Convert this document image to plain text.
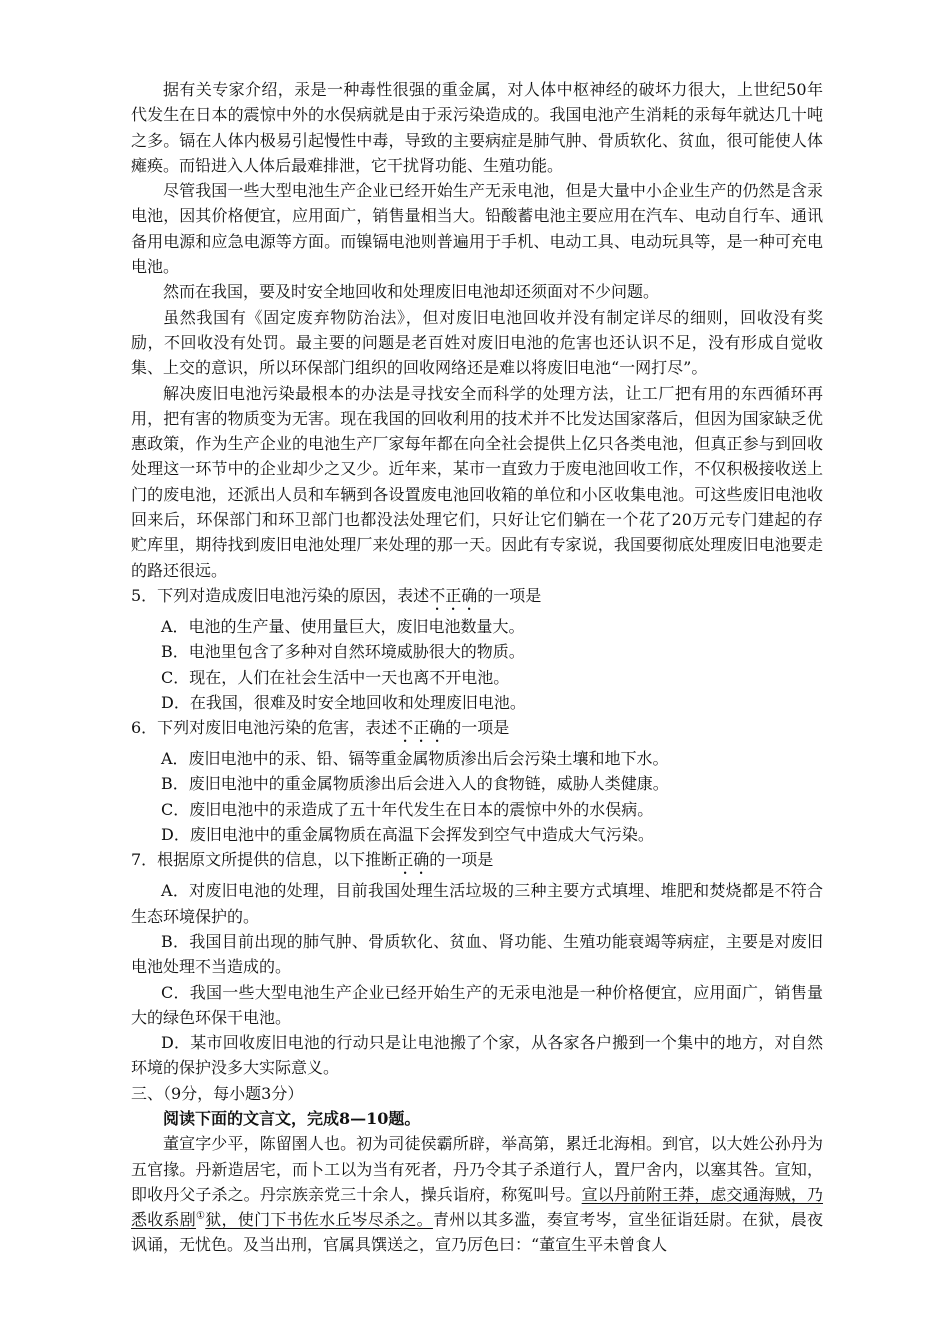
据有关专家介绍，汞是一种毒性很强的重金属，对人体中枢神经的破坏力很大，上世纪50年代发生在日本的震惊中外的水俣病就是由于汞污染造成的。我国电池产生消耗的汞每年就达几十吨之多。镉在人体内极易引起慢性中毒，导致的主要病症是肺气肿、骨质软化、贫血，很可能使人体瘫痪。而铅进入人体后最难排泄，它干扰肾功能、生殖功能。

尽管我国一些大型电池生产企业已经开始生产无汞电池，但是大量中小企业生产的仍然是含汞电池，因其价格便宜，应用面广，销售量相当大。铅酸蓄电池主要应用在汽车、电动自行车、通讯备用电源和应急电源等方面。而镍镉电池则普遍用于手机、电动工具、电动玩具等，是一种可充电电池。

然而在我国，要及时安全地回收和处理废旧电池却还须面对不少问题。

虽然我国有《固定废弃物防治法》，但对废旧电池回收并没有制定详尽的细则，回收没有奖励，不回收没有处罚。最主要的问题是老百姓对废旧电池的危害也还认识不足，没有形成自觉收集、上交的意识，所以环保部门组织的回收网络还是难以将废旧电池“一网打尽”。

解决废旧电池污染最根本的办法是寻找安全而科学的处理方法，让工厂把有用的东西循环再用，把有害的物质变为无害。现在我国的回收利用的技术并不比发达国家落后，但因为国家缺乏优惠政策，作为生产企业的电池生产厂家每年都在向全社会提供上亿只各类电池，但真正参与到回收处理这一环节中的企业却少之又少。近年来，某市一直致力于废电池回收工作，不仅积极接收送上门的废电池，还派出人员和车辆到各设置废电池回收箱的单位和小区收集电池。可这些废旧电池收回来后，环保部门和环卫部门也都没法处理它们，只好让它们躺在一个花了20万元专门建起的存贮库里，期待找到废旧电池处理厂来处理的那一天。因此有专家说，我国要彻底处理废旧电池要走的路还很远。

5．下列对造成废旧电池污染的原因，表述不正确的一项是

A．电池的生产量、使用量巨大，废旧电池数量大。

B．电池里包含了多种对自然环境威胁很大的物质。

C．现在，人们在社会生活中一天也离不开电池。

D．在我国，很难及时安全地回收和处理废旧电池。

6．下列对废旧电池污染的危害，表述不正确的一项是

A．废旧电池中的汞、铅、镉等重金属物质渗出后会污染土壤和地下水。

B．废旧电池中的重金属物质渗出后会进入人的食物链，威胁人类健康。

C．废旧电池中的汞造成了五十年代发生在日本的震惊中外的水俣病。

D．废旧电池中的重金属物质在高温下会挥发到空气中造成大气污染。

7．根据原文所提供的信息，以下推断正确的一项是

A．对废旧电池的处理，目前我国处理生活垃圾的三种主要方式填埋、堆肥和焚烧都是不符合生态环境保护的。

B．我国目前出现的肺气肿、骨质软化、贫血、肾功能、生殖功能衰竭等病症，主要是对废旧电池处理不当造成的。

C．我国一些大型电池生产企业已经开始生产的无汞电池是一种价格便宜，应用面广，销售量大的绿色环保干电池。

D．某市回收废旧电池的行动只是让电池搬了个家，从各家各户搬到一个集中的地方，对自然环境的保护没多大实际意义。

三、（9分，每小题3分）

阅读下面的文言文，完成8—10题。

董宣字少平，陈留圉人也。初为司徒侯霸所辟，举高第，累迁北海相。到官，以大姓公孙丹为五官掾。丹新造居宅，而卜工以为当有死者，丹乃令其子杀道行人，置尸舍内，以塞其咎。宣知，即收丹父子杀之。丹宗族亲党三十余人，操兵诣府，称冤叫号。宣以丹前附王莽，虑交通海贼，乃悉收系剧①狱，使门下书佐水丘岑尽杀之。青州以其多滥，奏宣考岑，宣坐征诣廷尉。在狱，晨夜讽诵，无忧色。及当出刑，官属具馔送之，宣乃厉色曰：“董宣生平未曾食人
